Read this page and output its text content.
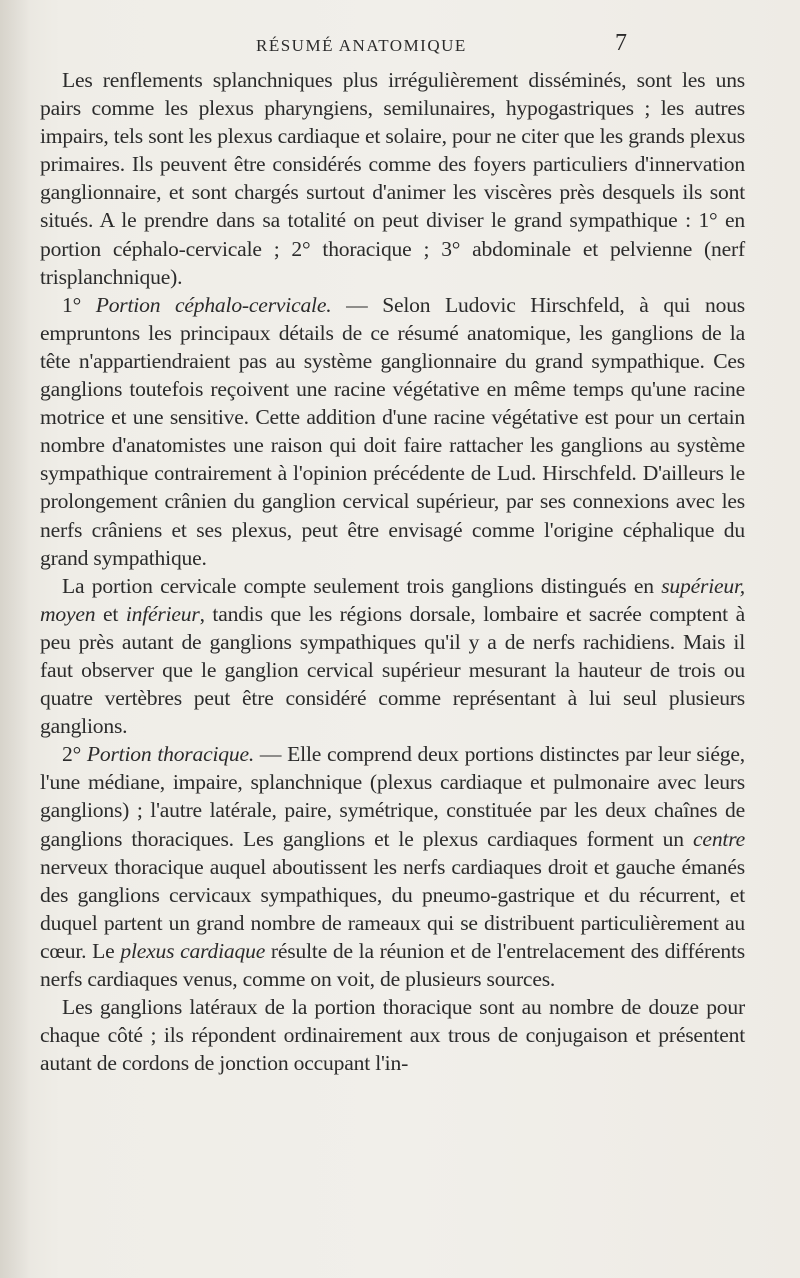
RÉSUMÉ ANATOMIQUE	7

Les renflements splanchniques plus irrégulièrement disséminés, sont les uns pairs comme les plexus pharyngiens, semilunaires, hypogastriques ; les autres impairs, tels sont les plexus cardiaque et solaire, pour ne citer que les grands plexus primaires. Ils peuvent être considérés comme des foyers particuliers d'innervation ganglionnaire, et sont chargés surtout d'animer les viscères près desquels ils sont situés. A le prendre dans sa totalité on peut diviser le grand sympathique : 1° en portion céphalo-cervicale ; 2° thoracique ; 3° abdominale et pelvienne (nerf trisplanchnique).

1° Portion céphalo-cervicale. — Selon Ludovic Hirschfeld, à qui nous empruntons les principaux détails de ce résumé anatomique, les ganglions de la tête n'appartiendraient pas au système ganglionnaire du grand sympathique. Ces ganglions toutefois reçoivent une racine végétative en même temps qu'une racine motrice et une sensitive. Cette addition d'une racine végétative est pour un certain nombre d'anatomistes une raison qui doit faire rattacher les ganglions au système sympathique contrairement à l'opinion précédente de Lud. Hirschfeld. D'ailleurs le prolongement crânien du ganglion cervical supérieur, par ses connexions avec les nerfs crâniens et ses plexus, peut être envisagé comme l'origine céphalique du grand sympathique.

La portion cervicale compte seulement trois ganglions distingués en supérieur, moyen et inférieur, tandis que les régions dorsale, lombaire et sacrée comptent à peu près autant de ganglions sympathiques qu'il y a de nerfs rachidiens. Mais il faut observer que le ganglion cervical supérieur mesurant la hauteur de trois ou quatre vertèbres peut être considéré comme représentant à lui seul plusieurs ganglions.

2° Portion thoracique. — Elle comprend deux portions distinctes par leur siége, l'une médiane, impaire, splanchnique (plexus cardiaque et pulmonaire avec leurs ganglions) ; l'autre latérale, paire, symétrique, constituée par les deux chaînes de ganglions thoraciques. Les ganglions et le plexus cardiaques forment un centre nerveux thoracique auquel aboutissent les nerfs cardiaques droit et gauche émanés des ganglions cervicaux sympathiques, du pneumo-gastrique et du récurrent, et duquel partent un grand nombre de rameaux qui se distribuent particulièrement au cœur. Le plexus cardiaque résulte de la réunion et de l'entrelacement des différents nerfs cardiaques venus, comme on voit, de plusieurs sources.

Les ganglions latéraux de la portion thoracique sont au nombre de douze pour chaque côté ; ils répondent ordinairement aux trous de conjugaison et présentent autant de cordons de jonction occupant l'in-
